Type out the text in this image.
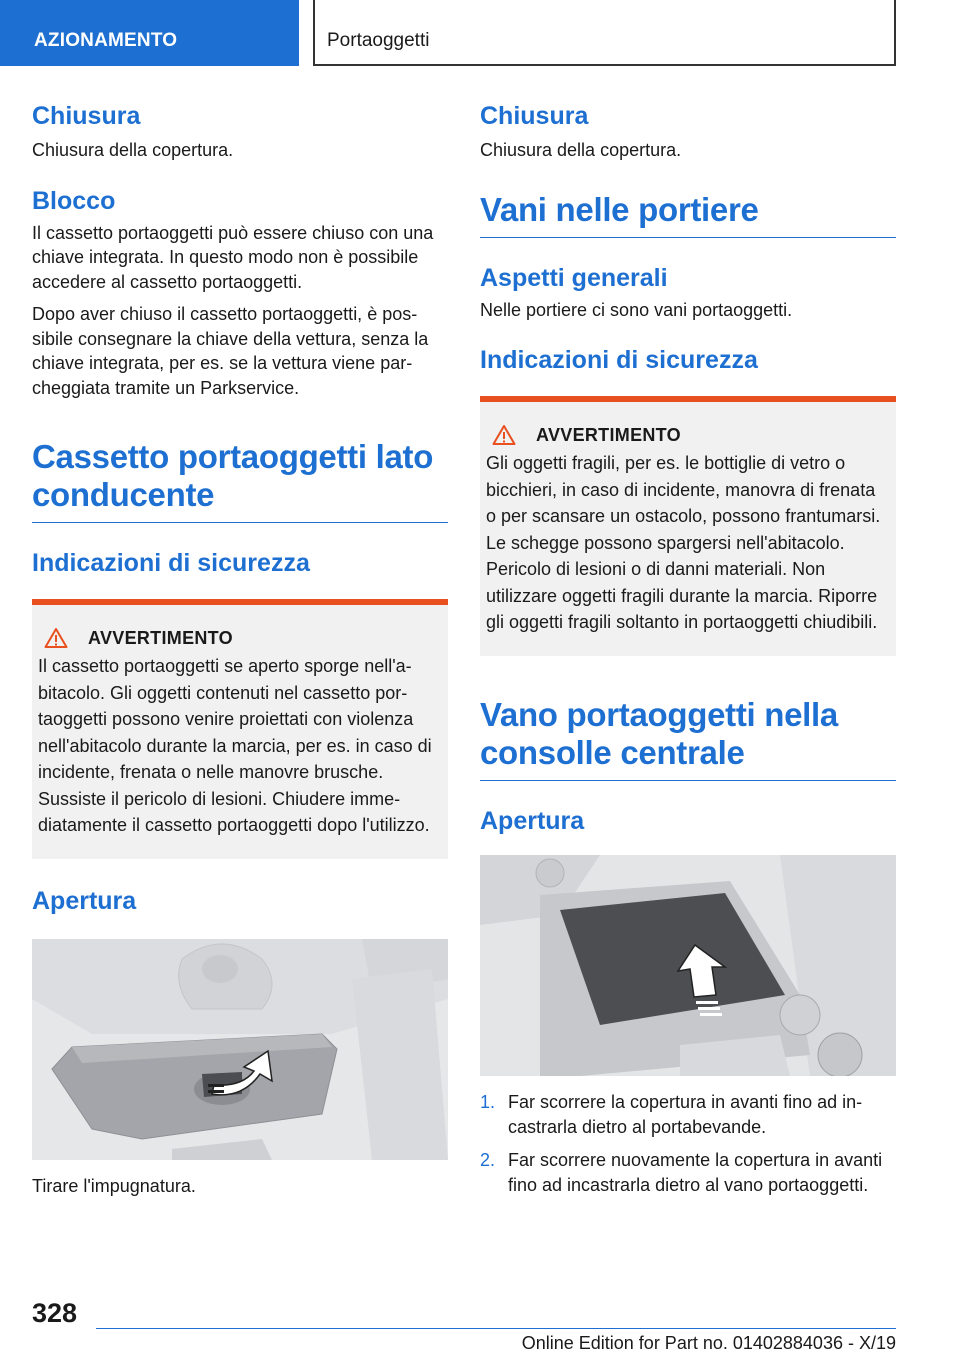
AZIONAMENTO	Portaoggetti
Chiusura
Chiusura della copertura.
Blocco
Il cassetto portaoggetti può essere chiuso con una chiave integrata. In questo modo non è possibile accedere al cassetto portaoggetti.
Dopo aver chiuso il cassetto portaoggetti, è possibile consegnare la chiave della vettura, senza la chiave integrata, per es. se la vettura viene parcheggiata tramite un Parkservice.
Cassetto portaoggetti lato conducente
Indicazioni di sicurezza
AVVERTIMENTO
Il cassetto portaoggetti se aperto sporge nell'abitacolo. Gli oggetti contenuti nel cassetto portaoggetti possono venire proiettati con violenza nell'abitacolo durante la marcia, per es. in caso di incidente, frenata o nelle manovre brusche. Sussiste il pericolo di lesioni. Chiudere immediatamente il cassetto portaoggetti dopo l'utilizzo.
Apertura
Tirare l'impugnatura.
Chiusura
Chiusura della copertura.
Vani nelle portiere
Aspetti generali
Nelle portiere ci sono vani portaoggetti.
Indicazioni di sicurezza
AVVERTIMENTO
Gli oggetti fragili, per es. le bottiglie di vetro o bicchieri, in caso di incidente, manovra di frenata o per scansare un ostacolo, possono frantumarsi. Le schegge possono spargersi nell'abitacolo. Pericolo di lesioni o di danni materiali. Non utilizzare oggetti fragili durante la marcia. Riporre gli oggetti fragili soltanto in portaoggetti chiudibili.
Vano portaoggetti nella consolle centrale
Apertura
1. Far scorrere la copertura in avanti fino ad incastrarla dietro al portabevande.
2. Far scorrere nuovamente la copertura in avanti fino ad incastrarla dietro al vano portaoggetti.
328
Online Edition for Part no. 01402884036 - X/19
